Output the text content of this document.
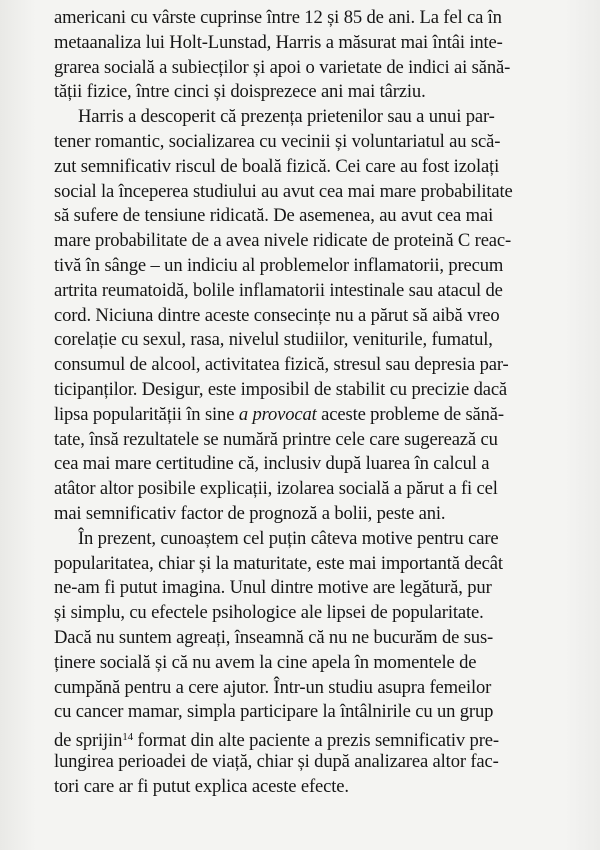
americani cu vârste cuprinse între 12 și 85 de ani. La fel ca în
metaanaliza lui Holt-Lunstad, Harris a măsurat mai întâi inte-
grarea socială a subiecților și apoi o varietate de indici ai sănă-
tății fizice, între cinci și doisprezece ani mai târziu.
Harris a descoperit că prezența prietenilor sau a unui par-
tener romantic, socializarea cu vecinii și voluntariatul au scă-
zut semnificativ riscul de boală fizică. Cei care au fost izolați
social la începerea studiului au avut cea mai mare probabilitate
să sufere de tensiune ridicată. De asemenea, au avut cea mai
mare probabilitate de a avea nivele ridicate de proteină C reac-
tivă în sânge – un indiciu al problemelor inflamatorii, precum
artrita reumatoidă, bolile inflamatorii intestinale sau atacul de
cord. Niciuna dintre aceste consecințe nu a părut să aibă vreo
corelație cu sexul, rasa, nivelul studiilor, veniturile, fumatul,
consumul de alcool, activitatea fizică, stresul sau depresia par-
ticipanților. Desigur, este imposibil de stabilit cu precizie dacă
lipsa popularității în sine a provocat aceste probleme de sănă-
tate, însă rezultatele se numără printre cele care sugerează cu
cea mai mare certitudine că, inclusiv după luarea în calcul a
atâtor altor posibile explicații, izolarea socială a părut a fi cel
mai semnificativ factor de prognoză a bolii, peste ani.
În prezent, cunoaștem cel puțin câteva motive pentru care
popularitatea, chiar și la maturitate, este mai importantă decât
ne-am fi putut imagina. Unul dintre motive are legătură, pur
și simplu, cu efectele psihologice ale lipsei de popularitate.
Dacă nu suntem agreați, înseamnă că nu ne bucurăm de sus-
ținere socială și că nu avem la cine apela în momentele de
cumpănă pentru a cere ajutor. Într-un studiu asupra femeilor
cu cancer mamar, simpla participare la întâlnirile cu un grup
de sprijin$^{14}$ format din alte paciente a prezis semnificativ pre-
lungirea perioadei de viață, chiar și după analizarea altor fac-
tori care ar fi putut explica aceste efecte.
